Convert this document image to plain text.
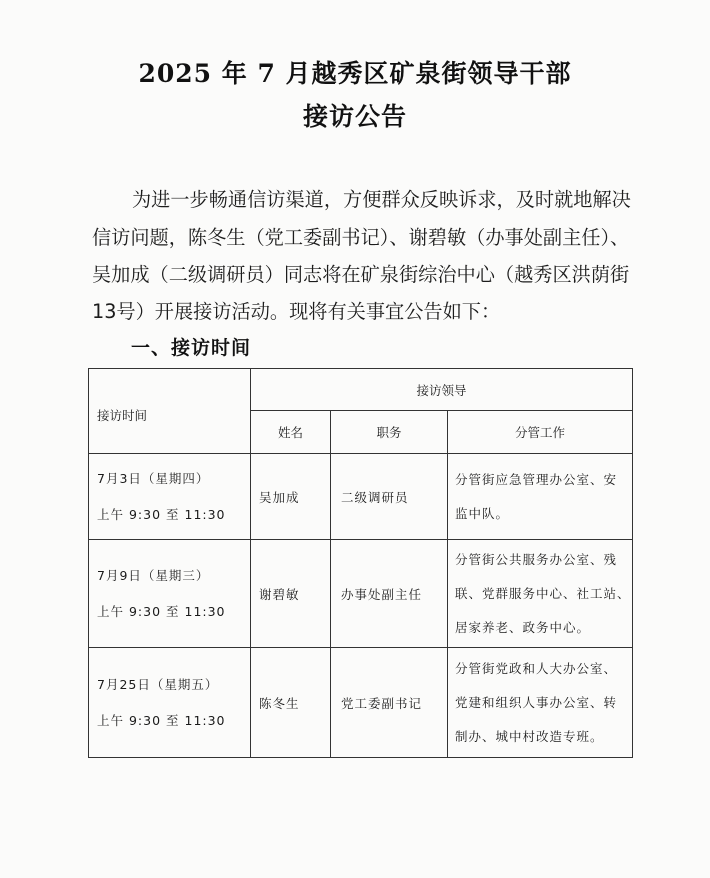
2025 年 7 月越秀区矿泉街领导干部
接访公告
为进一步畅通信访渠道，方便群众反映诉求，及时就地解决
信访问题，陈冬生（党工委副书记）、谢碧敏（办事处副主任）、
吴加成（二级调研员）同志将在矿泉街综治中心（越秀区洪荫街
13号）开展接访活动。现将有关事宜公告如下：
一、接访时间
接访时间	接访领导		
	姓名	职务	分管工作

7月3日（星期四）
上午 9:30 至 11:30	吴加成	二级调研员	分管街应急管理办公室、安
监中队。

7月9日（星期三）
上午 9:30 至 11:30	谢碧敏	办事处副主任	分管街公共服务办公室、残
联、党群服务中心、社工站、
居家养老、政务中心。

7月25日（星期五）
上午 9:30 至 11:30	陈冬生	党工委副书记	分管街党政和人大办公室、
党建和组织人事办公室、转
制办、城中村改造专班。
